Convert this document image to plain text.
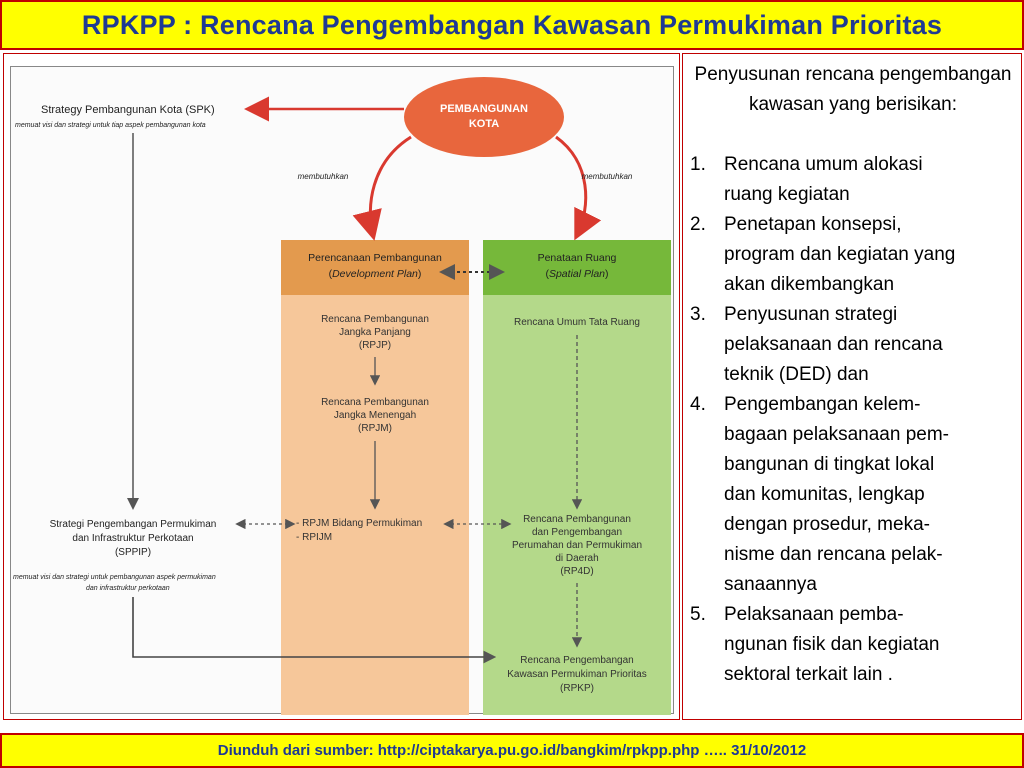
RPKPP : Rencana Pengembangan Kawasan Permukiman Prioritas
PEMBANGUNAN
KOTA
membutuhkan	membutuhkan
Strategy Pembangunan Kota (SPK)
memuat visi dan strategi untuk tiap aspek pembangunan kota
Perencanaan Pembangunan
(Development Plan)
Penataan Ruang
(Spatial Plan)
Rencana Pembangunan
Jangka Panjang
(RPJP)
Rencana Pembangunan
Jangka Menengah
(RPJM)
- RPJM Bidang Permukiman
- RPIJM
Rencana Umum Tata Ruang
Rencana Pembangunan
dan Pengembangan
Perumahan dan Permukiman
di Daerah
(RP4D)
Rencana Pengembangan
Kawasan Permukiman Prioritas
(RPKP)
Strategi Pengembangan Permukiman
dan Infrastruktur Perkotaan
(SPPIP)
memuat visi dan strategi untuk pembangunan aspek permukiman
dan infrastruktur perkotaan
Penyusunan rencana pengembangan kawasan yang berisikan:
1. Rencana umum alokasi
ruang kegiatan
2. Penetapan konsepsi,
program dan kegiatan yang
akan dikembangkan
3. Penyusunan strategi
pelaksanaan dan rencana
teknik (DED) dan
4. Pengembangan kelem-
bagaan pelaksanaan pem-
bangunan di tingkat lokal
dan komunitas, lengkap
dengan prosedur, meka-
nisme dan rencana pelak-
sanaannya
5. Pelaksanaan pemba-
ngunan fisik dan kegiatan
sektoral terkait lain .
Diunduh dari sumber: http://ciptakarya.pu.go.id/bangkim/rpkpp.php ….. 31/10/2012
